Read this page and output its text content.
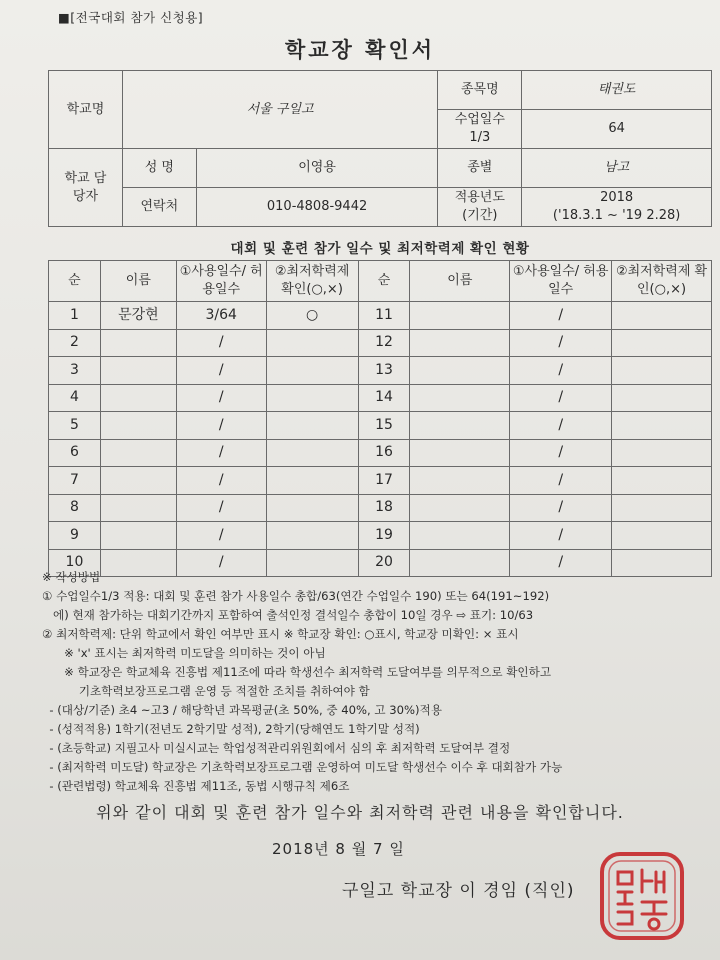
■[전국대회 참가 신청용]
학교장 확인서
학교명	서울 구일고		종목명	태권도
			수업일수 1/3	64
학교 담당자	성 명	이영용	종별	남고
	연락처	010-4808-9442	적용년도 (기간)	2018
('18.3.1 ~ '19 2.28)
대회 및 훈련 참가 일수 및 최저학력제 확인 현황
순	이름	①사용일수/ 허용일수	②최저학력제 확인(○,×)	순	이름	①사용일수/ 허용일수	②최저학력제 확인(○,×)
1	문강현	3/64	○	11		/	
2		/		12		/	
3		/		13		/	
4		/		14		/	
5		/		15		/	
6		/		16		/	
7		/		17		/	
8		/		18		/	
9		/		19		/	
10		/		20		/	
※ 작성방법
① 수업일수1/3 적용: 대회 및 훈련 참가 사용일수 총합/63(연간 수업일수 190) 또는 64(191~192)
에) 현재 참가하는 대회기간까지 포함하여 출석인정 결석일수 총합이 10일 경우 ⇨ 표기: 10/63
② 최저학력제: 단위 학교에서 확인 여부만 표시 ※ 학교장 확인: ○표시, 학교장 미확인: × 표시
※ 'x' 표시는 최저학력 미도달을 의미하는 것이 아님
※ 학교장은 학교체육 진흥법 제11조에 따라 학생선수 최저학력 도달여부를 의무적으로 확인하고
기초학력보장프로그램 운영 등 적절한 조치를 취하여야 함
- (대상/기준) 초4 ~고3 / 해당학년 과목평균(초 50%, 중 40%, 고 30%)적용
- (성적적용) 1학기(전년도 2학기말 성적), 2학기(당해연도 1학기말 성적)
- (초등학교) 지필고사 미실시교는 학업성적관리위원회에서 심의 후 최저학력 도달여부 결정
- (최저학력 미도달) 학교장은 기초학력보장프로그램 운영하여 미도달 학생선수 이수 후 대회참가 가능
- (관련법령) 학교체육 진흥법 제11조, 동법 시행규칙 제6조
위와 같이 대회 및 훈련 참가 일수와 최저학력 관련 내용을 확인합니다.
2018년 8 월 7 일
구일고 학교장 이 경임 (직인)
